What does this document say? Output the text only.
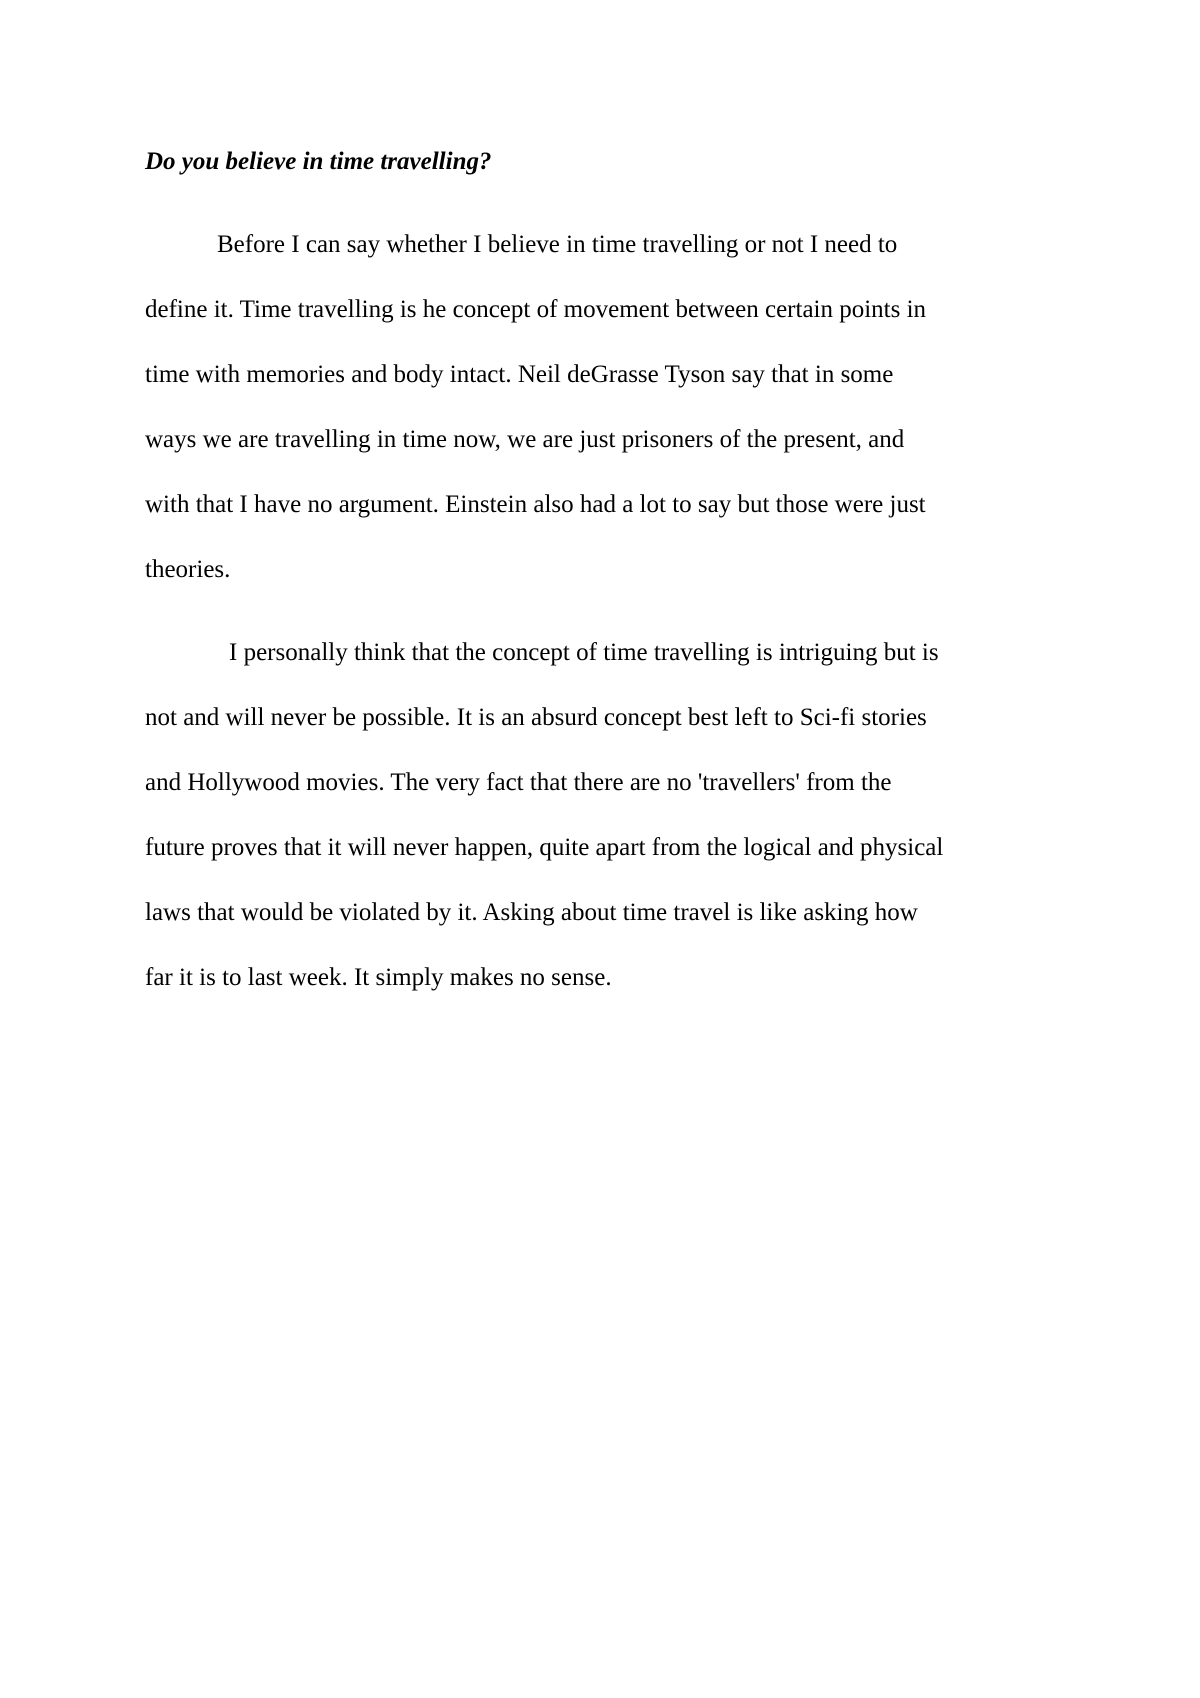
Do you believe in time travelling?

Before I can say whether I believe in time travelling or not I need to
define it. Time travelling is he concept of movement between certain points in
time with memories and body intact. Neil deGrasse Tyson say that in some
ways we are travelling in time now, we are just prisoners of the present, and
with that I have no argument. Einstein also had a lot to say but those were just
theories.

I personally think that the concept of time travelling is intriguing but is
not and will never be possible. It is an absurd concept best left to Sci-fi stories
and Hollywood movies. The very fact that there are no 'travellers' from the
future proves that it will never happen, quite apart from the logical and physical
laws that would be violated by it. Asking about time travel is like asking how
far it is to last week. It simply makes no sense.
